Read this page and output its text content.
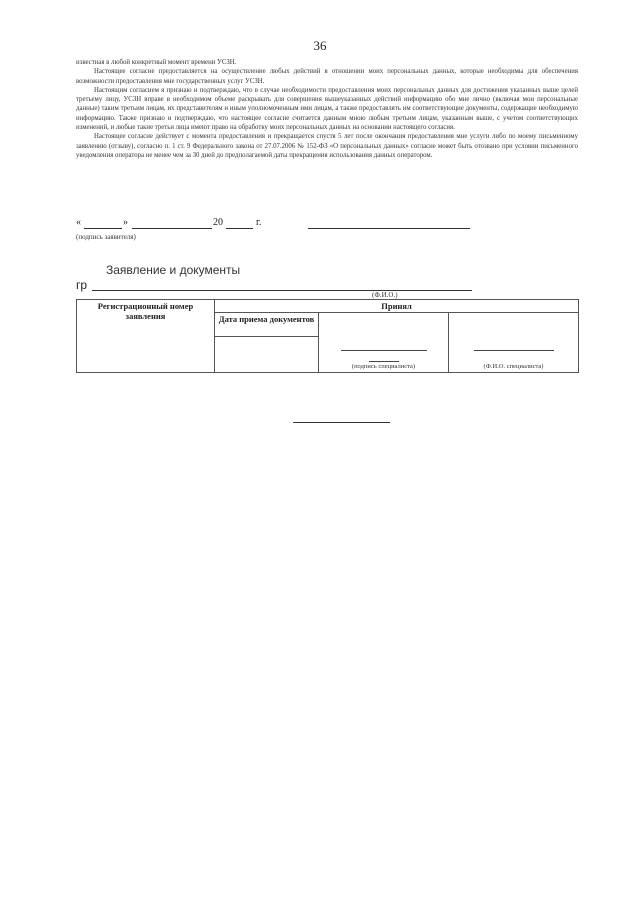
36

известная в любой конкретный момент времени УСЗН.

Настоящее согласие предоставляется на осуществление любых действий в отношении моих персональных данных, которые необходимы для обеспечения возможности предоставления мне государственных услуг УСЗН.

Настоящим согласием я признаю и подтверждаю, что в случае необходимости предоставления моих персональных данных для достижения указанных выше целей третьему лицу, УСЗН вправе в необходимом объеме раскрывать для совершения вышеуказанных действий информацию обо мне лично (включая мои персональные данные) таким третьим лицам, их представителям и иным уполномоченным ими лицам, а также предоставлять им соответствующие документы, содержащие необходимую информацию. Также признаю и подтверждаю, что настоящее согласие считается данным мною любым третьим лицам, указанным выше, с учетом соответствующих изменений, и любые такие третьи лица имеют право на обработку моих персональных данных на основании настоящего согласия.

Настоящее согласие действует с момента предоставления и прекращается спустя 5 лет после окончания предоставления мне услуги либо по моему письменному заявлению (отзыву), согласно п. 1 ст. 9 Федерального закона от 27.07.2006 № 152-ФЗ «О персональных данных» согласие может быть отозвано при условии письменного уведомления оператора не менее чем за 30 дней до предполагаемой даты прекращения использования данных оператором.

«	»	20	г.
(подпись заявителя)
Заявление и документы
гр
(Ф.И.О.)
Регистрационный номер заявления	Принял		
	Дата приема документов	(подпись специалиста)	(Ф.И.О. специалиста)
